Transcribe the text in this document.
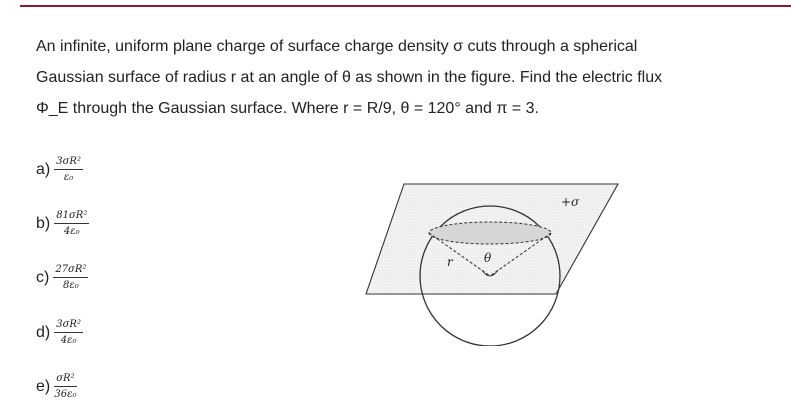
An infinite, uniform plane charge of surface charge density σ cuts through a spherical
Gaussian surface of radius r at an angle of θ as shown in the figure. Find the electric flux
Φ_E through the Gaussian surface. Where r = R/9, θ = 120° and π = 3.
$a) \frac{\text{3σR²}}{\text{ε₀}}$
$b) \frac{\text{81σR²}}{\text{4ε₀}}$
$c) \frac{\text{27σR²}}{\text{8ε₀}}$
$d) \frac{\text{3σR²}}{\text{4ε₀}}$
$e) \frac{\text{σR²}}{\text{36ε₀}}$
+σ
r	θ
